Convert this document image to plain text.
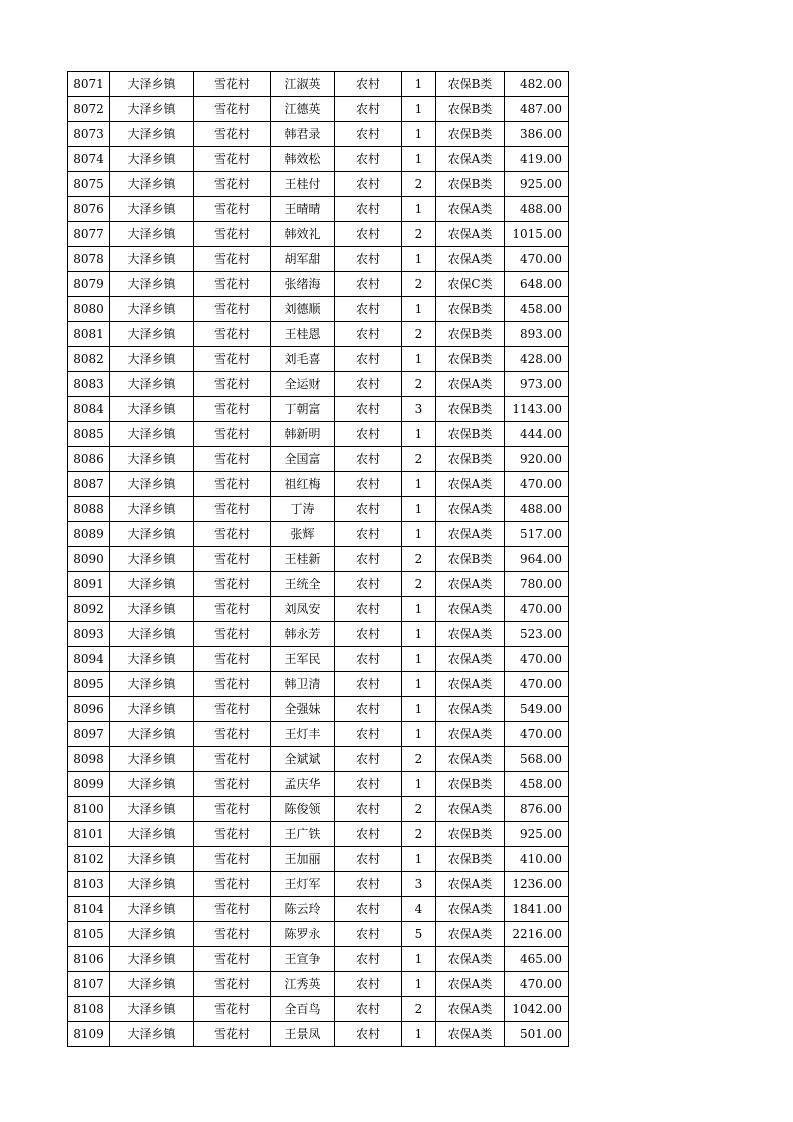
8071	大泽乡镇	雪花村	江淑英	农村	1	农保B类	482.00
8072	大泽乡镇	雪花村	江德英	农村	1	农保B类	487.00
8073	大泽乡镇	雪花村	韩君录	农村	1	农保B类	386.00
8074	大泽乡镇	雪花村	韩效松	农村	1	农保A类	419.00
8075	大泽乡镇	雪花村	王桂付	农村	2	农保B类	925.00
8076	大泽乡镇	雪花村	王晴晴	农村	1	农保A类	488.00
8077	大泽乡镇	雪花村	韩效礼	农村	2	农保A类	1015.00
8078	大泽乡镇	雪花村	胡军甜	农村	1	农保A类	470.00
8079	大泽乡镇	雪花村	张绪海	农村	2	农保C类	648.00
8080	大泽乡镇	雪花村	刘德顺	农村	1	农保B类	458.00
8081	大泽乡镇	雪花村	王桂恩	农村	2	农保B类	893.00
8082	大泽乡镇	雪花村	刘毛喜	农村	1	农保B类	428.00
8083	大泽乡镇	雪花村	全运财	农村	2	农保A类	973.00
8084	大泽乡镇	雪花村	丁朝富	农村	3	农保B类	1143.00
8085	大泽乡镇	雪花村	韩新明	农村	1	农保B类	444.00
8086	大泽乡镇	雪花村	全国富	农村	2	农保B类	920.00
8087	大泽乡镇	雪花村	祖红梅	农村	1	农保A类	470.00
8088	大泽乡镇	雪花村	丁涛	农村	1	农保A类	488.00
8089	大泽乡镇	雪花村	张辉	农村	1	农保A类	517.00
8090	大泽乡镇	雪花村	王桂新	农村	2	农保B类	964.00
8091	大泽乡镇	雪花村	王统全	农村	2	农保A类	780.00
8092	大泽乡镇	雪花村	刘凤安	农村	1	农保A类	470.00
8093	大泽乡镇	雪花村	韩永芳	农村	1	农保A类	523.00
8094	大泽乡镇	雪花村	王军民	农村	1	农保A类	470.00
8095	大泽乡镇	雪花村	韩卫清	农村	1	农保A类	470.00
8096	大泽乡镇	雪花村	全强妹	农村	1	农保A类	549.00
8097	大泽乡镇	雪花村	王灯丰	农村	1	农保A类	470.00
8098	大泽乡镇	雪花村	全斌斌	农村	2	农保A类	568.00
8099	大泽乡镇	雪花村	孟庆华	农村	1	农保B类	458.00
8100	大泽乡镇	雪花村	陈俊领	农村	2	农保A类	876.00
8101	大泽乡镇	雪花村	王广铁	农村	2	农保B类	925.00
8102	大泽乡镇	雪花村	王加丽	农村	1	农保B类	410.00
8103	大泽乡镇	雪花村	王灯军	农村	3	农保A类	1236.00
8104	大泽乡镇	雪花村	陈云玲	农村	4	农保A类	1841.00
8105	大泽乡镇	雪花村	陈罗永	农村	5	农保A类	2216.00
8106	大泽乡镇	雪花村	王宣争	农村	1	农保A类	465.00
8107	大泽乡镇	雪花村	江秀英	农村	1	农保A类	470.00
8108	大泽乡镇	雪花村	全百鸟	农村	2	农保A类	1042.00
8109	大泽乡镇	雪花村	王景凤	农村	1	农保A类	501.00
